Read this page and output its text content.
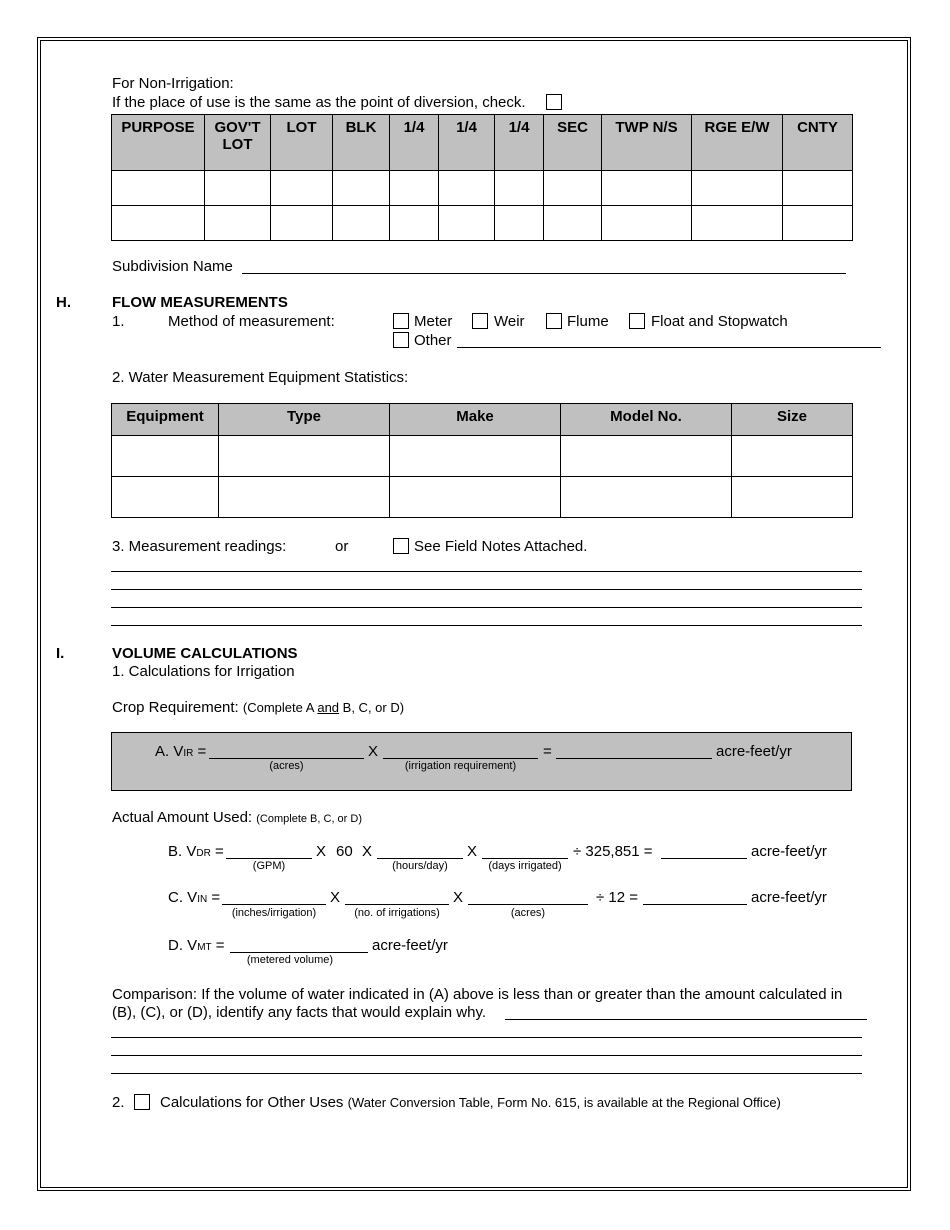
For Non-Irrigation:
If the place of use is the same as the point of diversion, check.
PURPOSE	GOV'T LOT	LOT	BLK	1/4	1/4	1/4	SEC	TWP N/S	RGE E/W	CNTY

Subdivision Name
H.	FLOW MEASUREMENTS
1.	Method of measurement:	Meter	Weir	Flume	Float and Stopwatch
Other
2. Water Measurement Equipment Statistics:
Equipment	Type	Make	Model No.	Size

3. Measurement readings:	or	See Field Notes Attached.
I.	VOLUME CALCULATIONS
1. Calculations for Irrigation
Crop Requirement: (Complete A and B, C, or D)
A. VIR =	X	=	acre-feet/yr
(acres)	(irrigation requirement)
Actual Amount Used: (Complete B, C, or D)
B. VDR =	X 60 X	X	÷ 325,851 =	acre-feet/yr
(GPM)	(hours/day)	(days irrigated)
C. VIN =	X	X	÷ 12 =	acre-feet/yr
(inches/irrigation)	(no. of irrigations)	(acres)
D. VMT =	acre-feet/yr
(metered volume)
Comparison: If the volume of water indicated in (A) above is less than or greater than the amount calculated in
(B), (C), or (D), identify any facts that would explain why.
2. Calculations for Other Uses (Water Conversion Table, Form No. 615, is available at the Regional Office)
